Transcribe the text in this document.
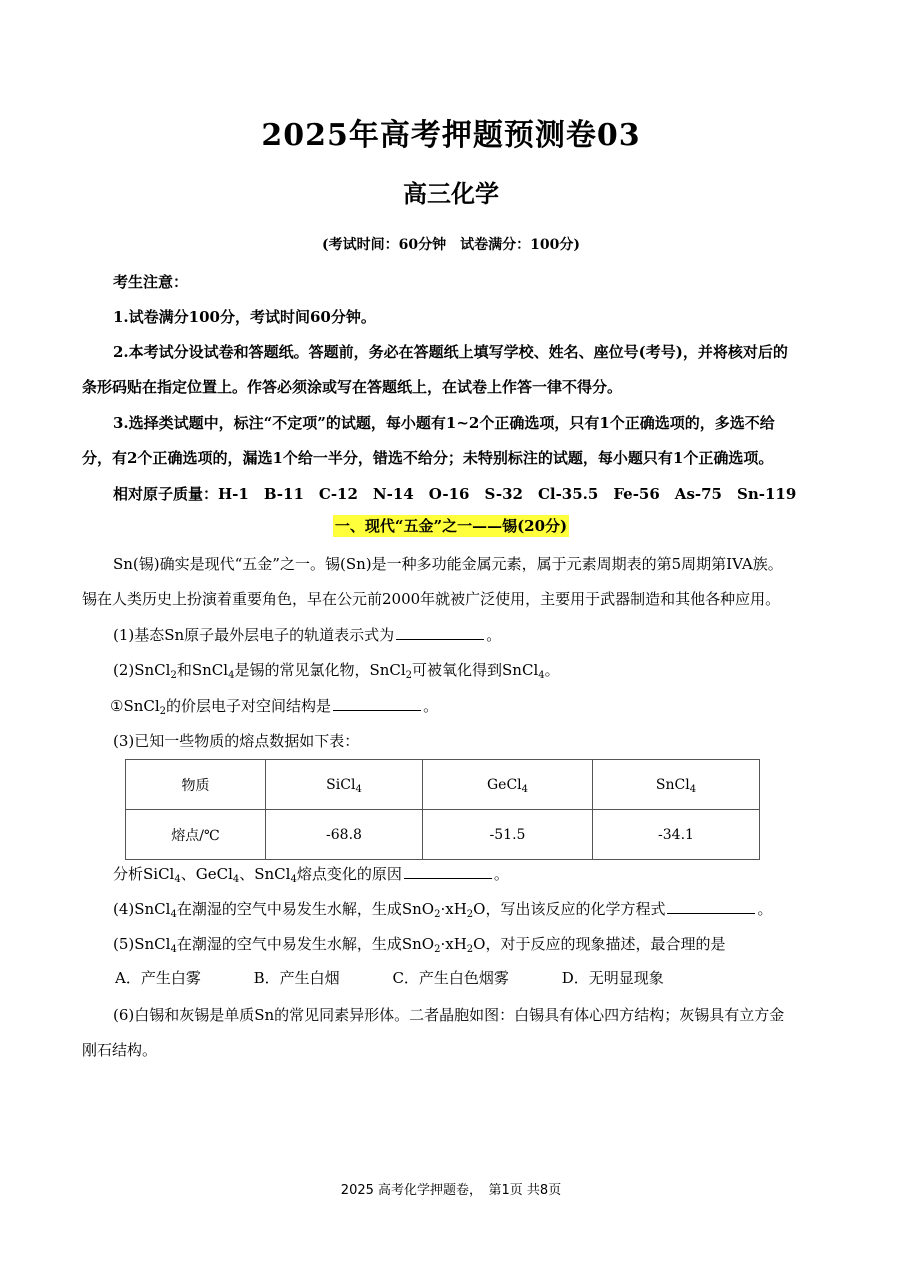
2025年高考押题预测卷03
高三化学
(考试时间：60分钟　试卷满分：100分)
考生注意：
1.试卷满分100分，考试时间60分钟。
2.本考试分设试卷和答题纸。答题前，务必在答题纸上填写学校、姓名、座位号(考号)，并将核对后的
条形码贴在指定位置上。作答必须涂或写在答题纸上，在试卷上作答一律不得分。
3.选择类试题中，标注“不定项”的试题，每小题有1~2个正确选项，只有1个正确选项的，多选不给
分，有2个正确选项的，漏选1个给一半分，错选不给分；未特别标注的试题，每小题只有1个正确选项。
相对原子质量：H-1　B-11　C-12　N-14　O-16　S-32　Cl-35.5　Fe-56　As-75　Sn-119
一、现代“五金”之一——锡(20分)
Sn(锡)确实是现代“五金”之一。锡(Sn)是一种多功能金属元素，属于元素周期表的第5周期第IVA族。
锡在人类历史上扮演着重要角色，早在公元前2000年就被广泛使用，主要用于武器制造和其他各种应用。
(1)基态Sn原子最外层电子的轨道表示式为	。
(2)SnCl$_2$和SnCl$_4$是锡的常见氯化物，SnCl$_2$可被氧化得到SnCl$_4$。
①SnCl$_2$的价层电子对空间结构是	。
(3)已知一些物质的熔点数据如下表：
物质	SiCl$_4$	GeCl$_4$	SnCl$_4$
熔点/℃	-68.8	-51.5	-34.1
分析SiCl$_4$、GeCl$_4$、SnCl$_4$熔点变化的原因	。
(4)SnCl$_4$在潮湿的空气中易发生水解，生成$SnO_2\cdot xH_2O$，写出该反应的化学方程式	。
(5)SnCl$_4$在潮湿的空气中易发生水解，生成$SnO_2\cdot xH_2O$，对于反应的现象描述，最合理的是
A．产生白雾	B．产生白烟	C．产生白色烟雾	D．无明显现象
(6)白锡和灰锡是单质Sn的常见同素异形体。二者晶胞如图：白锡具有体心四方结构；灰锡具有立方金
刚石结构。
2025 高考化学押题卷，　第1页 共8页
